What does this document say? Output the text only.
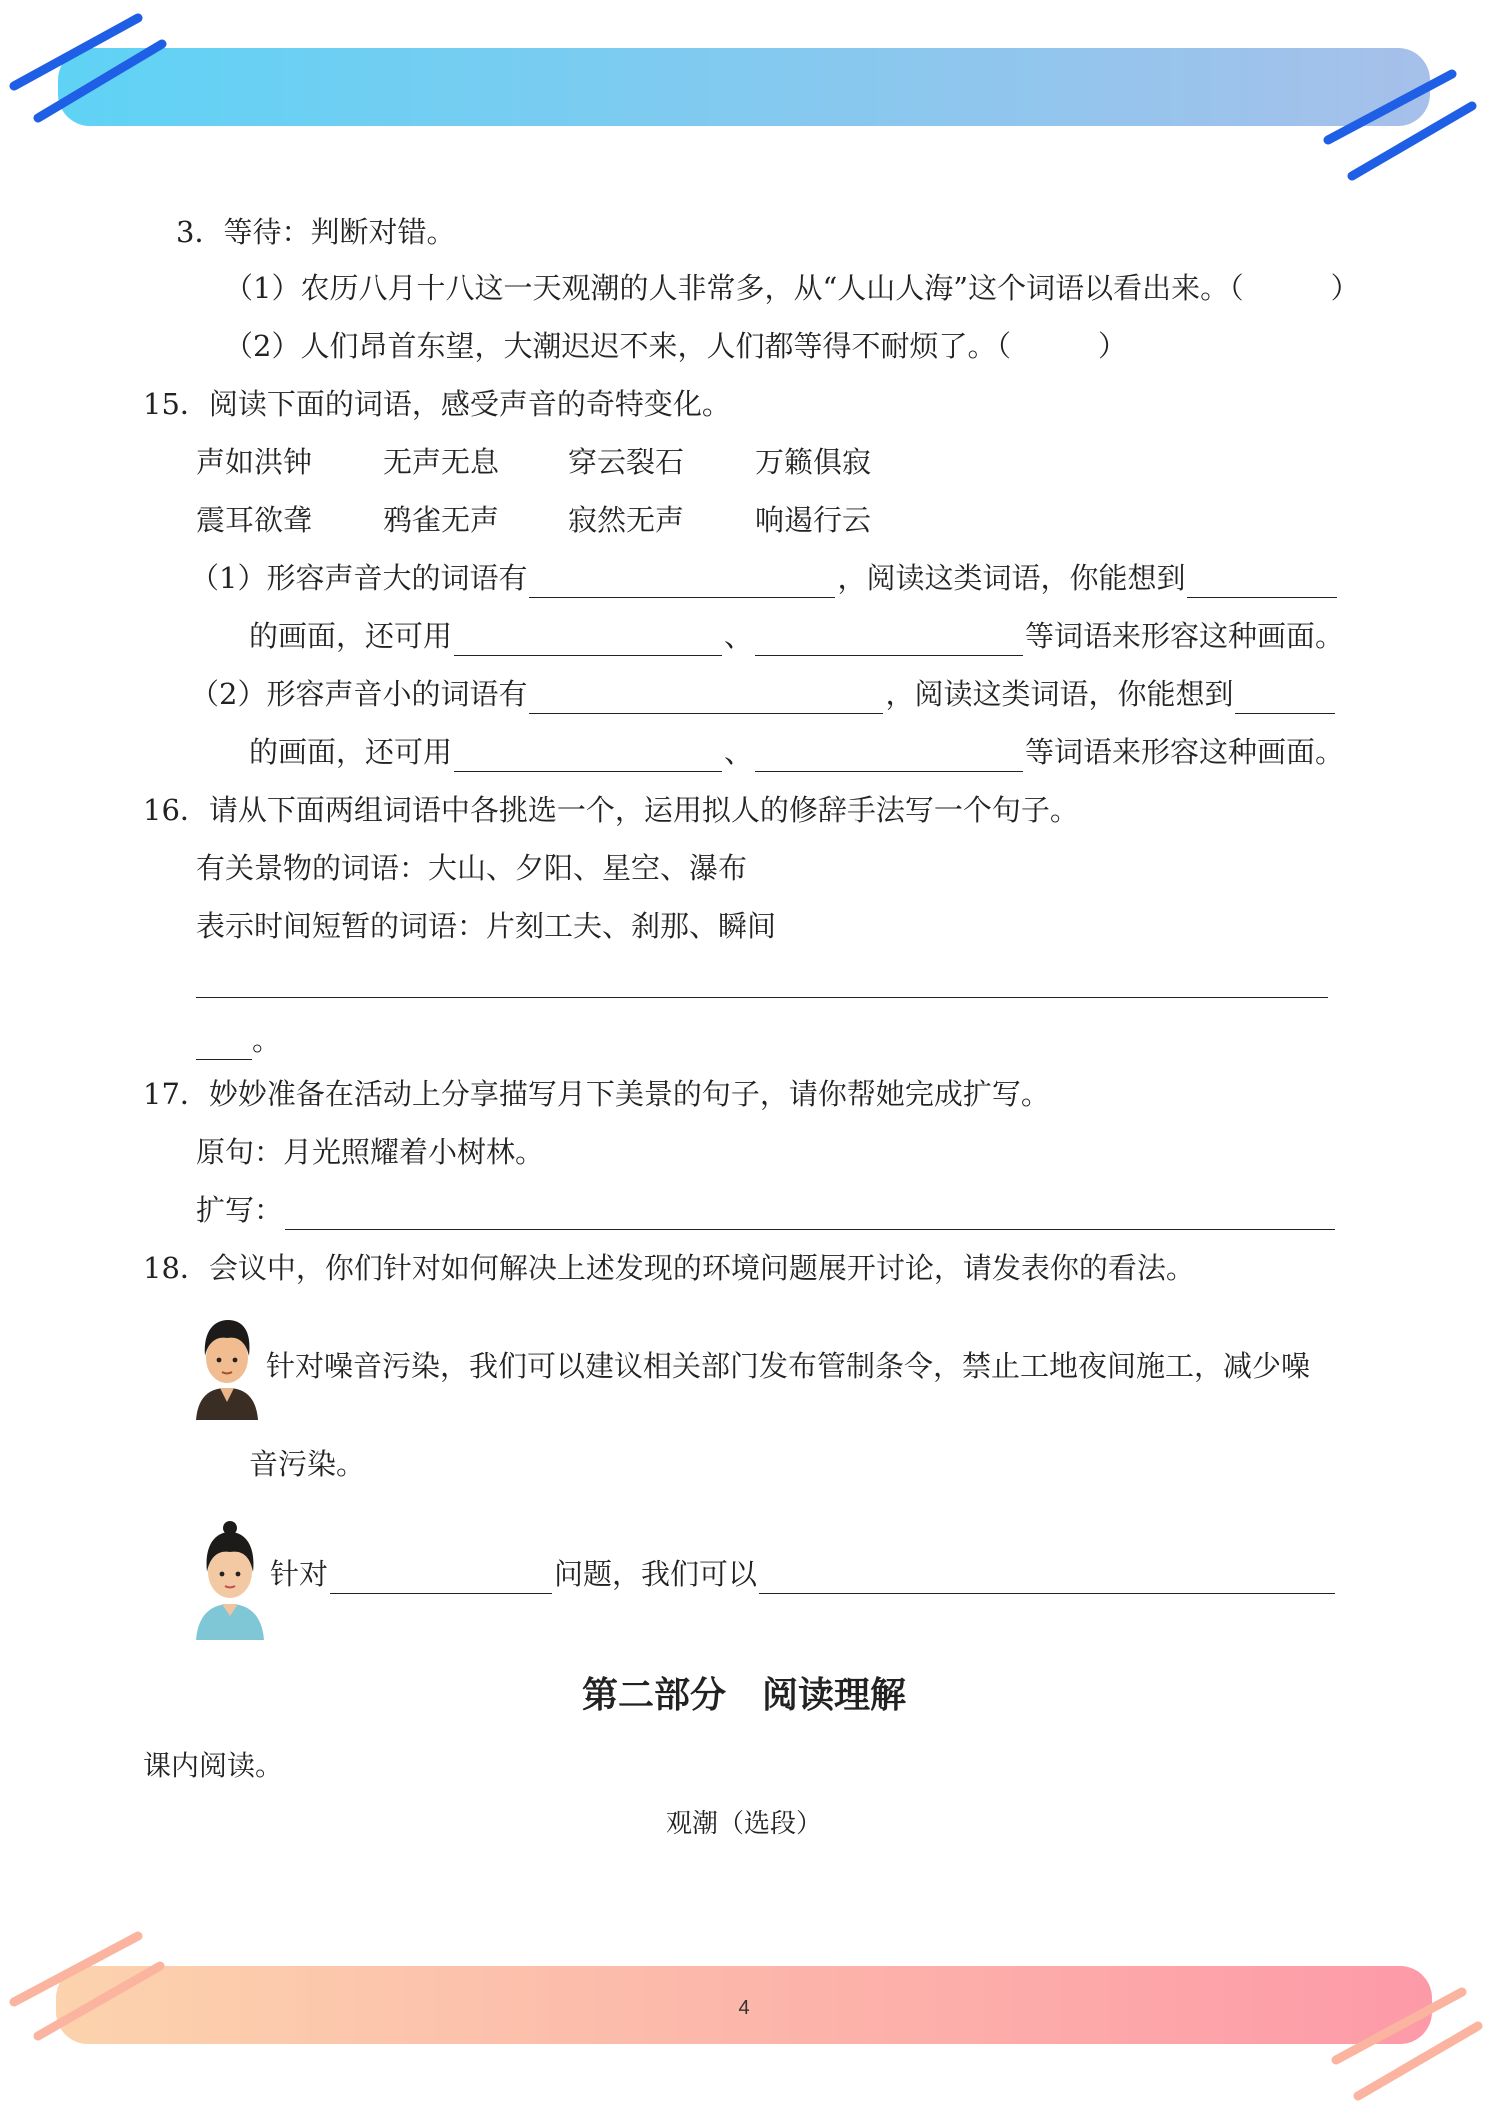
3．等待：判断对错。
（1）农历八月十八这一天观潮的人非常多，从“人山人海”这个词语以看出来。（　　　）
（2）人们昂首东望，大潮迟迟不来，人们都等得不耐烦了。（　　　）
15．阅读下面的词语，感受声音的奇特变化。
声如洪钟 无声无息 穿云裂石 万籁俱寂
震耳欲聋 鸦雀无声 寂然无声 响遏行云
（1）形容声音大的词语有	，阅读这类词语，你能想到
的画面，还可用	、	等词语来形容这种画面。
（2）形容声音小的词语有	，阅读这类词语，你能想到
的画面，还可用	、	等词语来形容这种画面。
16．请从下面两组词语中各挑选一个，运用拟人的修辞手法写一个句子。
有关景物的词语：大山、夕阳、星空、瀑布
表示时间短暂的词语：片刻工夫、刹那、瞬间
。
17．妙妙准备在活动上分享描写月下美景的句子，请你帮她完成扩写。
原句：月光照耀着小树林。
扩写：
18．会议中，你们针对如何解决上述发现的环境问题展开讨论，请发表你的看法。
针对噪音污染，我们可以建议相关部门发布管制条令，禁止工地夜间施工，减少噪
音污染。
针对	问题，我们可以
第二部分　阅读理解
课内阅读。
观潮（选段）
4
